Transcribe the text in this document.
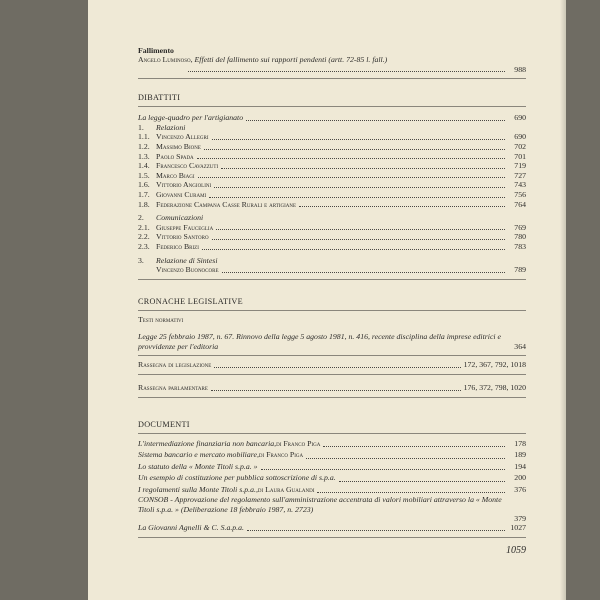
Fallimento
Angelo Luminoso, Effetti del fallimento sui rapporti pendenti (artt. 72-85 l. fall.)
988
DIBATTITI
La legge-quadro per l'artigianato	690
1.	Relazioni
1.1. Vincenzo Allegri	690
1.2. Massimo Bione	702
1.3. Paolo Spada	701
1.4. Francesco Cavazzuti	719
1.5. Marco Biagi	727
1.6. Vittorio Angiolini	743
1.7. Giovanni Curami	756
1.8. Federazione Campana Casse Rurali e artigiane	764
2.	Comunicazioni
2.1. Giuseppe Fauceglia	769
2.2. Vittorio Santoro	780
2.3. Federico Brizi	783
3.	Relazione di Sintesi
Vincenzo Buonocore	789
CRONACHE LEGISLATIVE
Testi normativi
Legge 25 febbraio 1987, n. 67. Rinnovo della legge 5 agosto 1981, n. 416, recente disciplina della imprese editrici e provvidenze per l'editoria	364
Rassegna di legislazione	172, 367, 792, 1018
Rassegna parlamentare	176, 372, 798, 1020
DOCUMENTI
L'intermediazione finanziaria non bancaria, di Franco Piga	178
Sistema bancario e mercato mobiliare, di Franco Piga	189
Lo statuto della « Monte Titoli s.p.a. »	194
Un esempio di costituzione per pubblica sottoscrizione di s.p.a.	200
I regolamenti sulla Monte Titoli s.p.a., di Laura Gualandi	376
CONSOB - Approvazione del regolamento sull'amministrazione accentrata di valori mobiliari attraverso la « Monte Titoli s.p.a. » (Deliberazione 18 febbraio 1987, n. 2723)
379
La Giovanni Agnelli & C. S.a.p.a.	1027
1059
